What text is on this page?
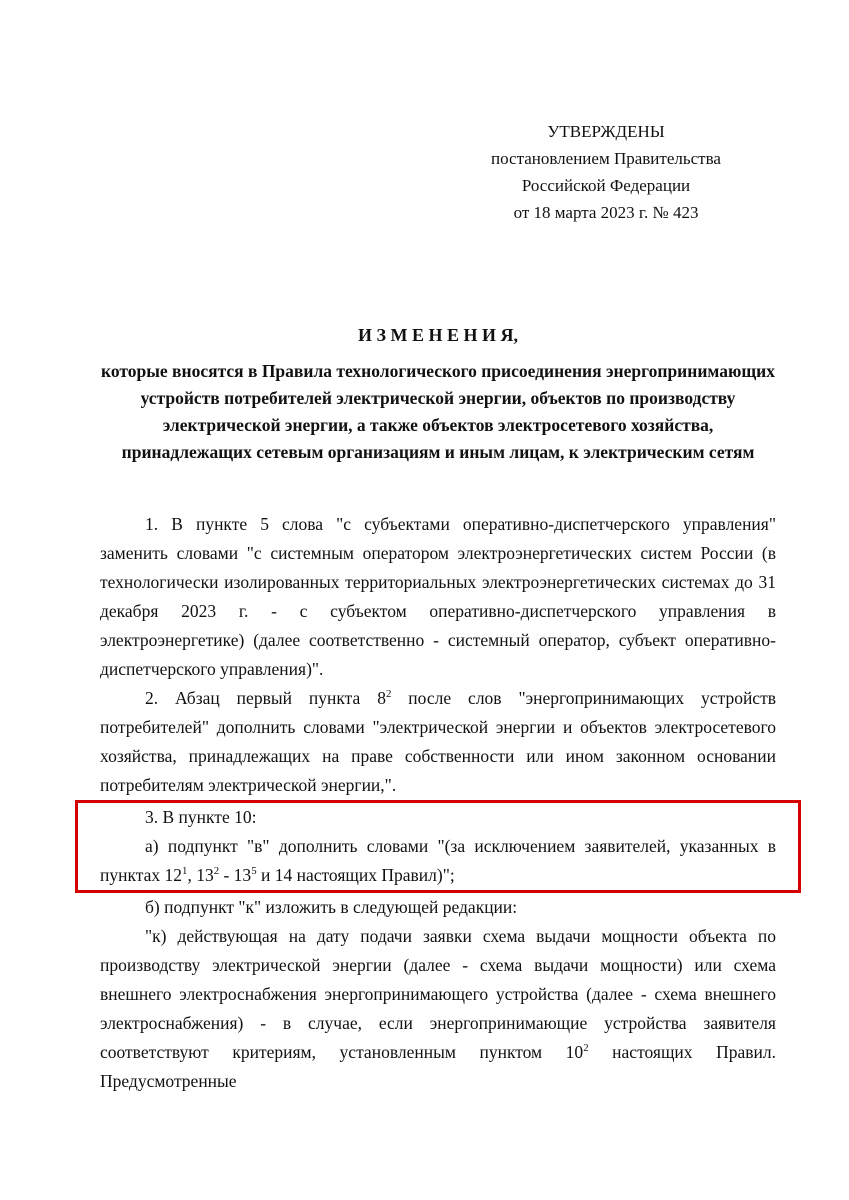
УТВЕРЖДЕНЫ
постановлением Правительства
Российской Федерации
от 18 марта 2023 г. № 423
И З М Е Н Е Н И Я,
которые вносятся в Правила технологического присоединения энергопринимающих устройств потребителей электрической энергии, объектов по производству электрической энергии, а также объектов электросетевого хозяйства, принадлежащих сетевым организациям и иным лицам, к электрическим сетям

1. В пункте 5 слова "с субъектами оперативно-диспетчерского управления" заменить словами "с системным оператором электроэнергетических систем России (в технологически изолированных территориальных электроэнергетических системах до 31 декабря 2023 г. - с субъектом оперативно-диспетчерского управления в электроэнергетике) (далее соответственно - системный оператор, субъект оперативно-диспетчерского управления)".

2. Абзац первый пункта $8^2$ после слов "энергопринимающих устройств потребителей" дополнить словами "электрической энергии и объектов электросетевого хозяйства, принадлежащих на праве собственности или ином законном основании потребителям электрической энергии,".

3. В пункте 10:

а) подпункт "в" дополнить словами "(за исключением заявителей, указанных в пунктах $12^1$, $13^2 - 13^5$ и 14 настоящих Правил)";

б) подпункт "к" изложить в следующей редакции:

"к) действующая на дату подачи заявки схема выдачи мощности объекта по производству электрической энергии (далее - схема выдачи мощности) или схема внешнего электроснабжения энергопринимающего устройства (далее - схема внешнего электроснабжения) - в случае, если энергопринимающие устройства заявителя соответствуют критериям, установленным пунктом $10^2$ настоящих Правил. Предусмотренные
